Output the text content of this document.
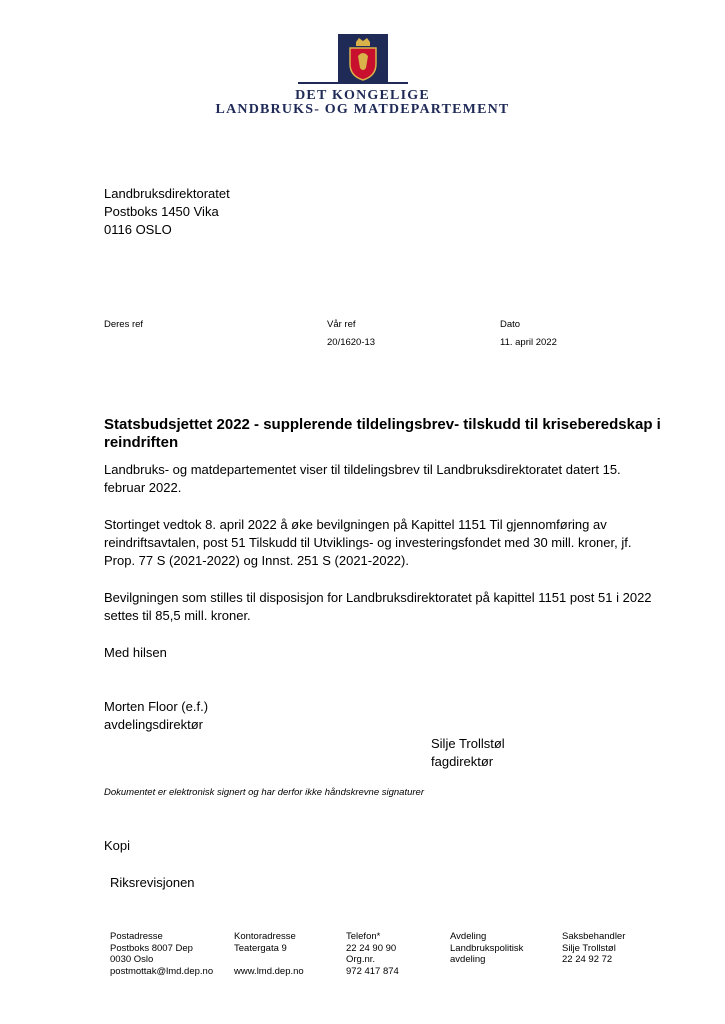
DET KONGELIGE
LANDBRUKS- OG MATDEPARTEMENT
Landbruksdirektoratet
Postboks 1450 Vika
0116 OSLO
Deres ref	Vår ref
20/1620-13
Dato
11. april 2022
Statsbudsjettet 2022 - supplerende tildelingsbrev- tilskudd til kriseberedskap i reindriften
Landbruks- og matdepartementet viser til tildelingsbrev til Landbruksdirektoratet datert 15. februar 2022.
Stortinget vedtok 8. april 2022 å øke bevilgningen på Kapittel 1151 Til gjennomføring av reindriftsavtalen, post 51 Tilskudd til Utviklings- og investeringsfondet med 30 mill. kroner, jf. Prop. 77 S (2021-2022) og Innst. 251 S (2021-2022).
Bevilgningen som stilles til disposisjon for Landbruksdirektoratet på kapittel 1151 post 51 i 2022 settes til 85,5 mill. kroner.
Med hilsen
Morten Floor (e.f.)
avdelingsdirektør
Silje Trollstøl
fagdirektør
Dokumentet er elektronisk signert og har derfor ikke håndskrevne signaturer
Kopi
Riksrevisjonen
Postadresse
Postboks 8007 Dep
0030 Oslo
postmottak@lmd.dep.no
Kontoradresse
Teatergata 9

www.lmd.dep.no
Telefon*
22 24 90 90
Org.nr.
972 417 874
Avdeling
Landbrukspolitisk
avdeling
Saksbehandler
Silje Trollstøl
22 24 92 72
